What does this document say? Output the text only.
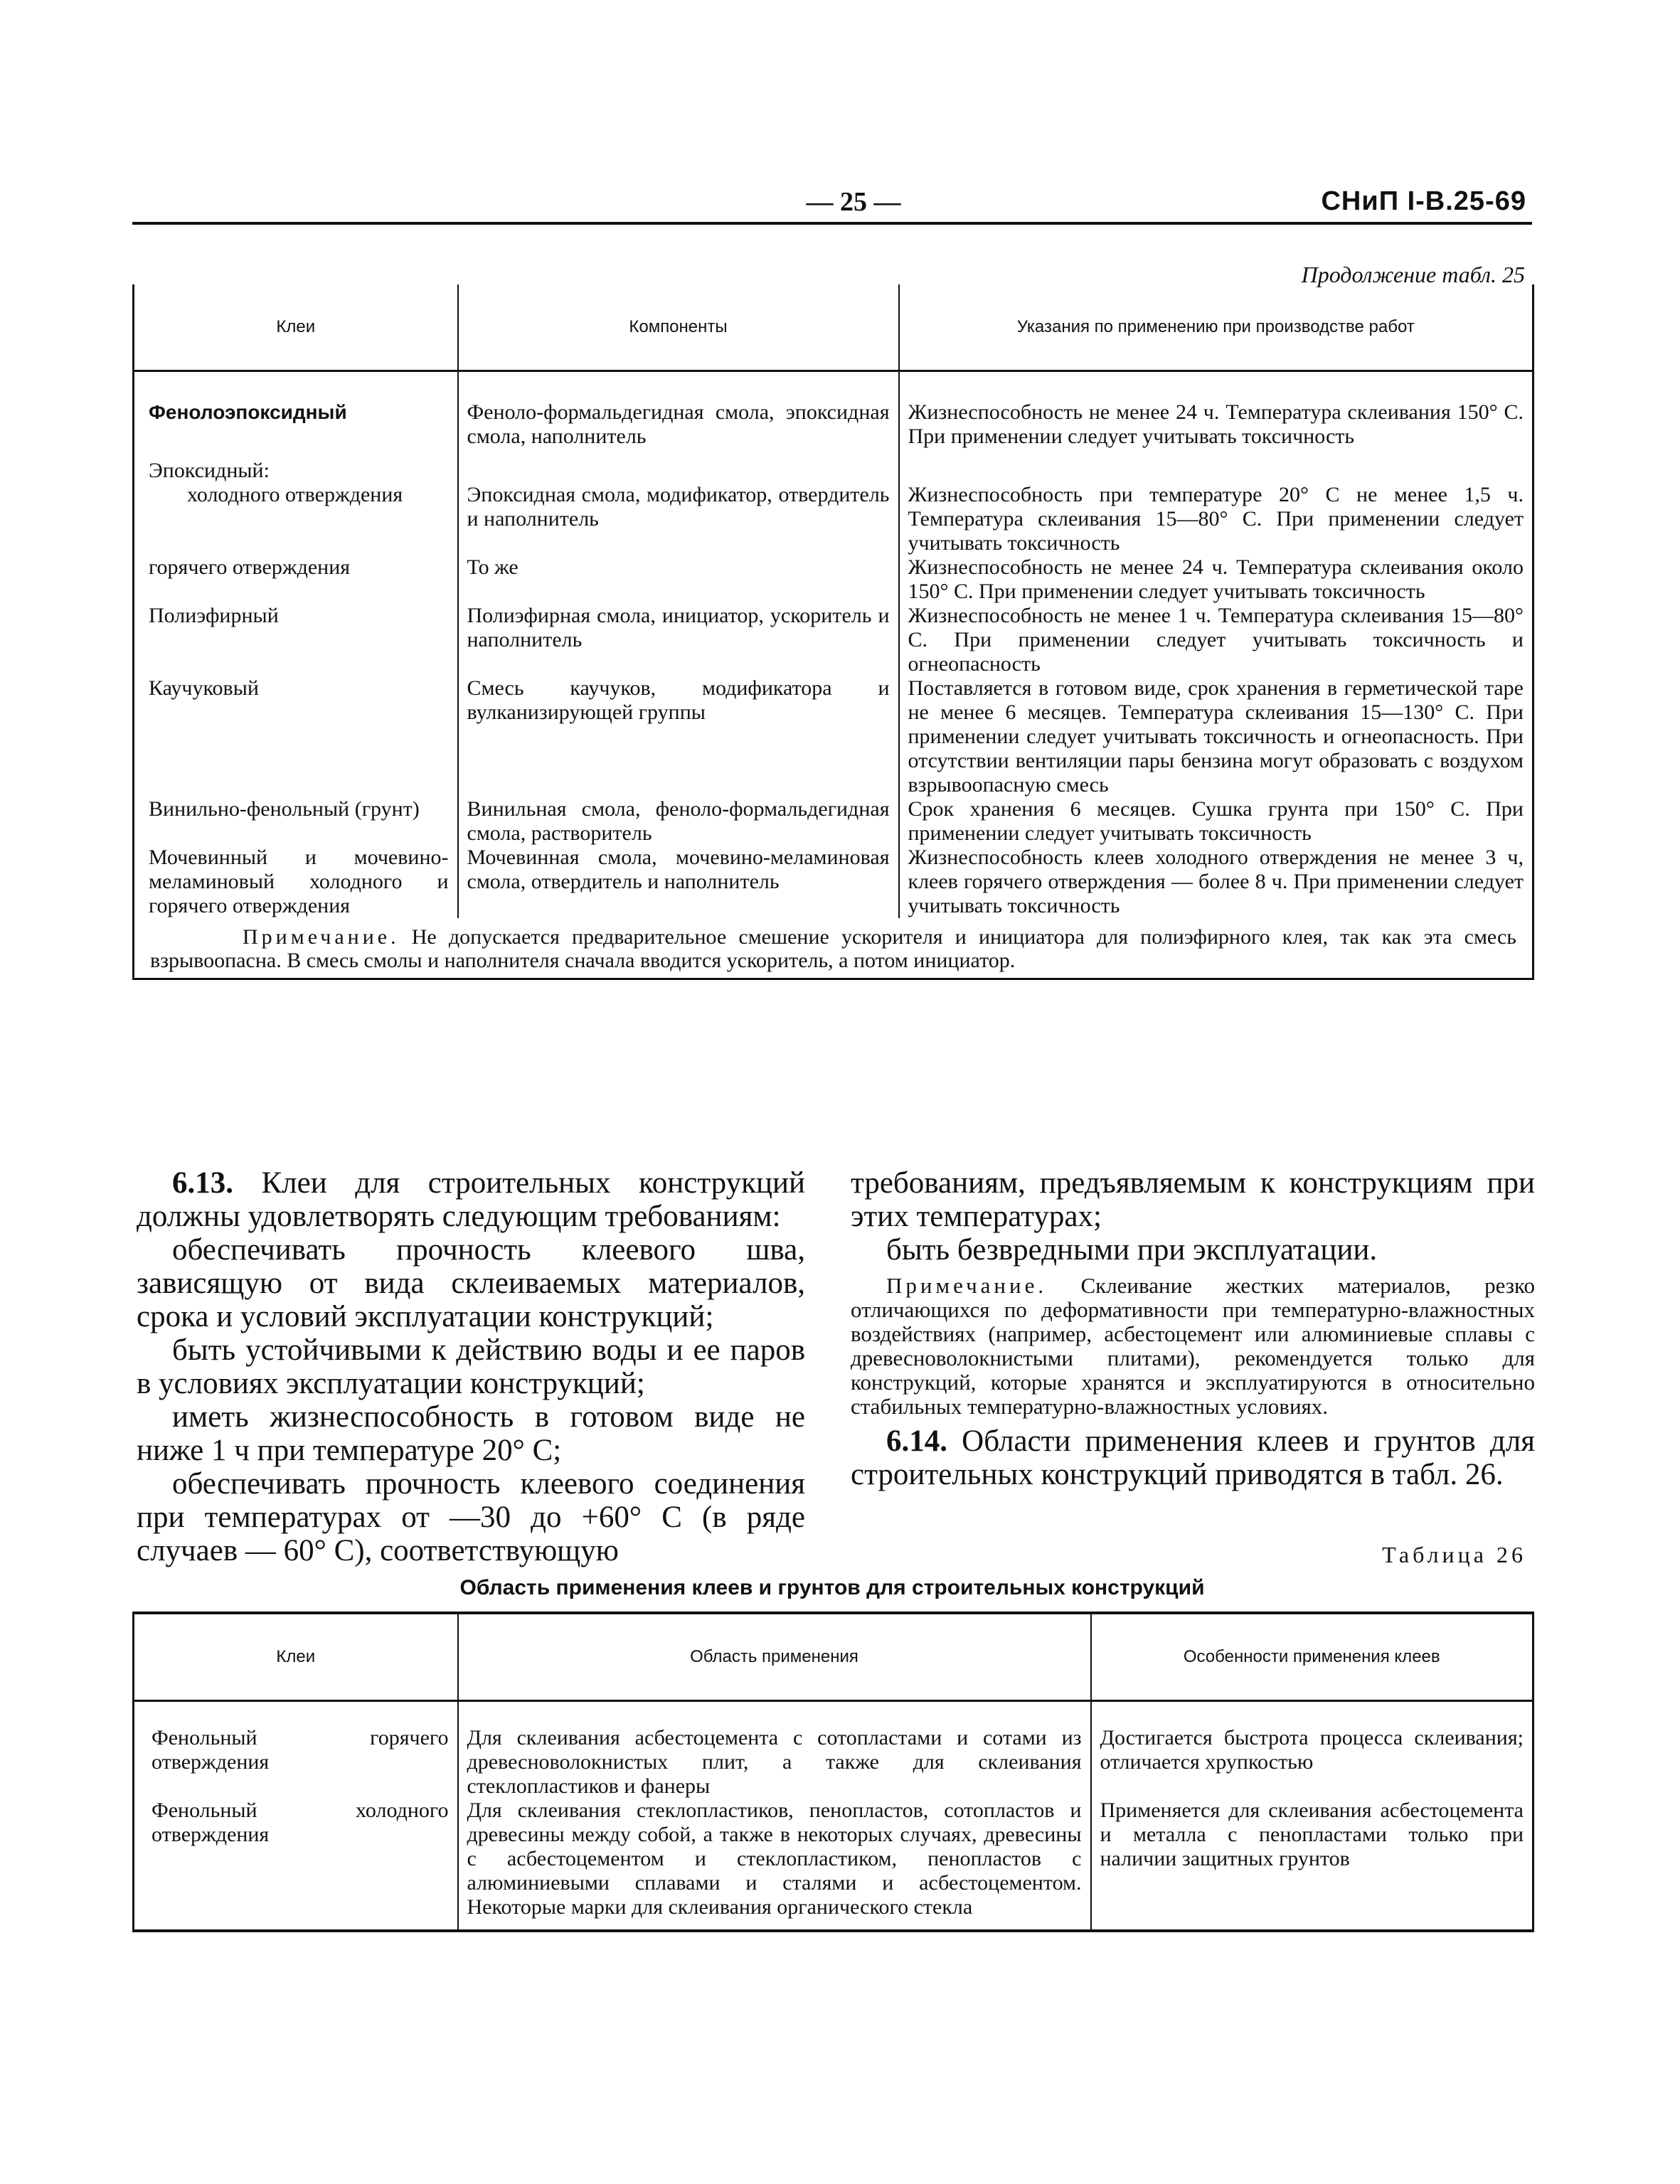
— 25 —	СНиП I-В.25-69
Продолжение табл. 25
Клеи	Компоненты	Указания по применению при производстве работ
Фенолоэпоксидный	Феноло-формальдегидная смола, эпоксидная смола, наполнитель	Жизнеспособность не менее 24 ч. Температура склеивания 150° С. При применении следует учитывать токсичность

Эпоксидный:
холодного отверждения	Эпоксидная смола, модификатор, отвердитель и наполнитель	Жизнеспособность при температуре 20° С не менее 1,5 ч. Температура склеивания 15—80° С. При применении следует учитывать токсичность
горячего отверждения	То же	Жизнеспособность не менее 24 ч. Температура склеивания около 150° С. При применении следует учитывать токсичность
Полиэфирный	Полиэфирная смола, инициатор, ускоритель и наполнитель	Жизнеспособность не менее 1 ч. Температура склеивания 15—80° С. При применении следует учитывать токсичность и огнеопасность
Каучуковый	Смесь каучуков, модификатора и вулканизирующей группы	Поставляется в готовом виде, срок хранения в герметической таре не менее 6 месяцев. Температура склеивания 15—130° С. При применении следует учитывать токсичность и огнеопасность. При отсутствии вентиляции пары бензина могут образовать с воздухом взрывоопасную смесь
Винильно-фенольный (грунт)	Винильная смола, феноло-формальдегидная смола, растворитель	Срок хранения 6 месяцев. Сушка грунта при 150° С. При применении следует учитывать токсичность
Мочевинный и мочевино-меламиновый холодного и горячего отверждения	Мочевинная смола, мочевино-меламиновая смола, отвердитель и наполнитель	Жизнеспособность клеев холодного отверждения не менее 3 ч, клеев горячего отверждения — более 8 ч. При применении следует учитывать токсичность

Примечание. Не допускается предварительное смешение ускорителя и инициатора для полиэфирного клея, так как эта смесь взрывоопасна. В смесь смолы и наполнителя сначала вводится ускоритель, а потом инициатор.		

6.13. Клеи для строительных конструкций должны удовлетворять следующим требованиям:

обеспечивать прочность клеевого шва, зависящую от вида склеиваемых материалов, срока и условий эксплуатации конструкций;

быть устойчивыми к действию воды и ее паров в условиях эксплуатации конструкций;

иметь жизнеспособность в готовом виде не ниже 1 ч при температуре 20° С;

обеспечивать прочность клеевого соединения при температурах от —30 до +60° С (в ряде случаев — 60° С), соответствующую

требованиям, предъявляемым к конструкциям при этих температурах;

быть безвредными при эксплуатации.

Примечание. Склеивание жестких материалов, резко отличающихся по деформативности при температурно-влажностных воздействиях (например, асбестоцемент или алюминиевые сплавы с древесноволокнистыми плитами), рекомендуется только для конструкций, которые хранятся и эксплуатируются в относительно стабильных температурно-влажностных условиях.

6.14. Области применения клеев и грунтов для строительных конструкций приводятся в табл. 26.

Таблица 26
Область применения клеев и грунтов для строительных конструкций
Клеи	Область применения	Особенности применения клеев
Фенольный горячего отверждения	Для склеивания асбестоцемента с сотопластами и сотами из древесноволокнистых плит, а также для склеивания стеклопластиков и фанеры	Достигается быстрота процесса склеивания; отличается хрупкостью
Фенольный холодного отверждения	Для склеивания стеклопластиков, пенопластов, сотопластов и древесины между собой, а также в некоторых случаях, древесины с асбестоцементом и стеклопластиком, пенопластов с алюминиевыми сплавами и сталями и асбестоцементом. Некоторые марки для склеивания органического стекла	Применяется для склеивания асбестоцемента и металла с пенопластами только при наличии защитных грунтов
